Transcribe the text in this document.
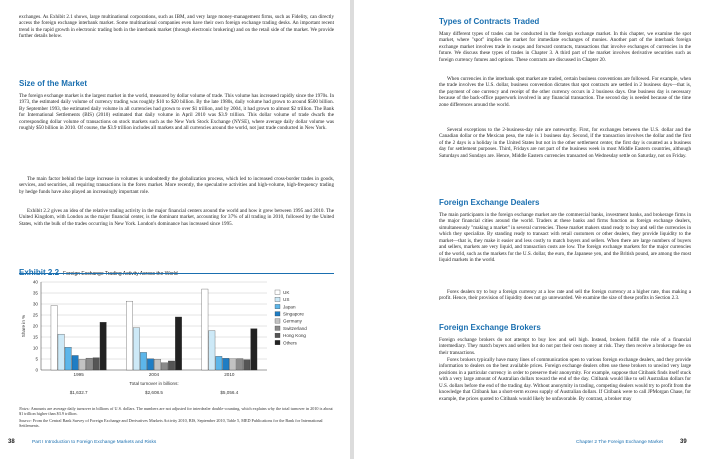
exchanges. As Exhibit 2.1 shows, large multinational corporations, such as IBM, and very large money-management firms, such as Fidelity, can directly access the foreign exchange interbank market. Some multinational companies even have their own foreign exchange trading desks. An important recent trend is the rapid growth in electronic trading both in the interbank market (through electronic brokering) and on the retail side of the market. We provide further details below.

Size of the Market

The foreign exchange market is the largest market in the world, measured by dollar volume of trade. This volume has increased rapidly since the 1970s. In 1973, the estimated daily volume of currency trading was roughly $10 to $20 billion. By the late 1980s, daily volume had grown to around $500 billion. By September 1993, the estimated daily volume in all currencies had grown to over $1 trillion, and by 2004, it had grown to almost $2 trillion. The Bank for International Settlements (BIS) (2010) estimated that daily volume in April 2010 was $3.9 trillion. This dollar volume of trade dwarfs the corresponding dollar volume of transactions on stock markets such as the New York Stock Exchange (NYSE), where average daily dollar volume was roughly $50 billion in 2010. Of course, the $3.9 trillion includes all markets and all currencies around the world, not just trade conducted in New York.

The main factor behind the large increase in volumes is undoubtedly the globalization process, which led to increased cross-border trades in goods, services, and securities, all requiring transactions in the forex market. More recently, the speculative activities and high-volume, high-frequency trading by hedge funds have also played an increasingly important role.

Exhibit 2.2 gives an idea of the relative trading activity in the major financial centers around the world and how it grew between 1995 and 2010. The United Kingdom, with London as the major financial center, is the dominant market, accounting for 37% of all trading in 2010, followed by the United States, with the bulk of the trades occurring in New York. London's dominance has increased since 1995.

Exhibit 2.2 Foreign Exchange Trading Activity Across the World
0
5
10
15
20
25
30
35
40
Share in %
1995
$1,632.7
2004
$2,608.5
2010
$5,056.4
Total turnover in billions:
UK
US
Japan
Singapore
Germany
Switzerland
Hong Kong
Others

Notes: Amounts are average daily turnover in billions of U.S. dollars. The numbers are not adjusted for interdealer double-counting, which explains why the total turnover in 2010 is about $1 trillion higher than $3.9 trillion.

Source: From the Central Bank Survey of Foreign Exchange and Derivatives Markets Activity 2010, BIS, September 2010, Table 5, MED Publications for the Bank for International Settlements.

38	Part I Introduction to Foreign Exchange Markets and Risks
Types of Contracts Traded

Many different types of trades can be conducted in the foreign exchange market. In this chapter, we examine the spot market, where "spot" implies the market for immediate exchanges of monies. Another part of the interbank foreign exchange market involves trade in swaps and forward contracts, transactions that involve exchanges of currencies in the future. We discuss these types of trades in Chapter 3. A third part of the market involves derivative securities such as foreign currency futures and options. These contracts are discussed in Chapter 20.

When currencies in the interbank spot market are traded, certain business conventions are followed. For example, when the trade involves the U.S. dollar, business convention dictates that spot contracts are settled in 2 business days—that is, the payment of one currency and receipt of the other currency occurs in 2 business days. One business day is necessary because of the back-office paperwork involved in any financial transaction. The second day is needed because of the time zone differences around the world.

Several exceptions to the 2-business-day rule are noteworthy. First, for exchanges between the U.S. dollar and the Canadian dollar or the Mexican peso, the rule is 1 business day. Second, if the transaction involves the dollar and the first of the 2 days is a holiday in the United States but not in the other settlement center, the first day is counted as a business day for settlement purposes. Third, Fridays are not part of the business week in most Middle Eastern countries, although Saturdays and Sundays are. Hence, Middle Eastern currencies transacted on Wednesday settle on Saturday, not on Friday.

Foreign Exchange Dealers

The main participants in the foreign exchange market are the commercial banks, investment banks, and brokerage firms in the major financial cities around the world. Traders at these banks and firms function as foreign exchange dealers, simultaneously "making a market" in several currencies. These market makers stand ready to buy and sell the currencies in which they specialize. By standing ready to transact with retail customers or other dealers, they provide liquidity to the market—that is, they make it easier and less costly to match buyers and sellers. When there are large numbers of buyers and sellers, markets are very liquid, and transaction costs are low. The foreign exchange markets for the major currencies of the world, such as the markets for the U.S. dollar, the euro, the Japanese yen, and the British pound, are among the most liquid markets in the world.

Forex dealers try to buy a foreign currency at a low rate and sell the foreign currency at a higher rate, thus making a profit. Hence, their provision of liquidity does not go unrewarded. We examine the size of these profits in Section 2.3.

Foreign Exchange Brokers

Foreign exchange brokers do not attempt to buy low and sell high. Instead, brokers fulfill the role of a financial intermediary. They match buyers and sellers but do not put their own money at risk. They then receive a brokerage fee on their transactions.

Forex brokers typically have many lines of communication open to various foreign exchange dealers, and they provide information to dealers on the best available prices. Foreign exchange dealers often use these brokers to unwind very large positions in a particular currency in order to preserve their anonymity. For example, suppose that Citibank finds itself stuck with a very large amount of Australian dollars toward the end of the day. Citibank would like to sell Australian dollars for U.S. dollars before the end of the trading day. Without anonymity in trading, competing dealers would try to profit from the knowledge that Citibank has a short-term excess supply of Australian dollars. If Citibank were to call JPMorgan Chase, for example, the prices quoted to Citibank would likely be unfavorable. By contrast, a broker may

Chapter 2 The Foreign Exchange Market	39
